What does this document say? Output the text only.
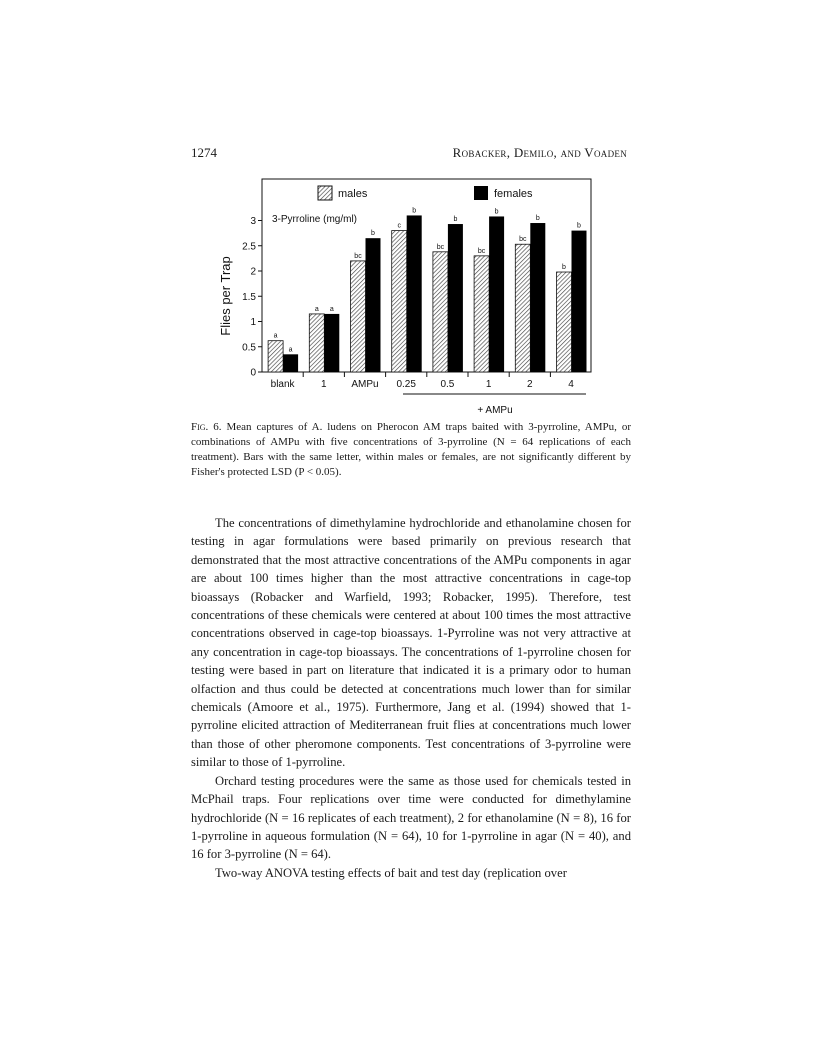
1274	Robacker, Demilo, and Voaden
males	females
3-Pyrroline (mg/ml)
Flies per Trap
0
0.5
1
1.5
2
2.5
3
a
a
a a
bc
b
c
b
bc
b
bc
b
bc
b
b
b
blank	1 AMPu 0.25 0.5	1	2	4
+ AMPu

Fig. 6. Mean captures of A. ludens on Pherocon AM traps baited with 3-pyrroline, AMPu, or combinations of AMPu with five concentrations of 3-pyrroline (N = 64 replications of each treatment). Bars with the same letter, within males or females, are not significantly different by Fisher's protected LSD (P < 0.05).

The concentrations of dimethylamine hydrochloride and ethanolamine chosen for testing in agar formulations were based primarily on previous research that demonstrated that the most attractive concentrations of the AMPu components in agar are about 100 times higher than the most attractive concentrations in cage-top bioassays (Robacker and Warfield, 1993; Robacker, 1995). Therefore, test concentrations of these chemicals were centered at about 100 times the most attractive concentrations observed in cage-top bioassays. 1-Pyrroline was not very attractive at any concentration in cage-top bioassays. The concentrations of 1-pyrroline chosen for testing were based in part on literature that indicated it is a primary odor to human olfaction and thus could be detected at concentrations much lower than for similar chemicals (Amoore et al., 1975). Furthermore, Jang et al. (1994) showed that 1-pyrroline elicited attraction of Mediterranean fruit flies at concentrations much lower than those of other pheromone components. Test concentrations of 3-pyrroline were similar to those of 1-pyrroline.

Orchard testing procedures were the same as those used for chemicals tested in McPhail traps. Four replications over time were conducted for dimethylamine hydrochloride (N = 16 replicates of each treatment), 2 for ethanolamine (N = 8), 16 for 1-pyrroline in aqueous formulation (N = 64), 10 for 1-pyrroline in agar (N = 40), and 16 for 3-pyrroline (N = 64).

Two-way ANOVA testing effects of bait and test day (replication over
